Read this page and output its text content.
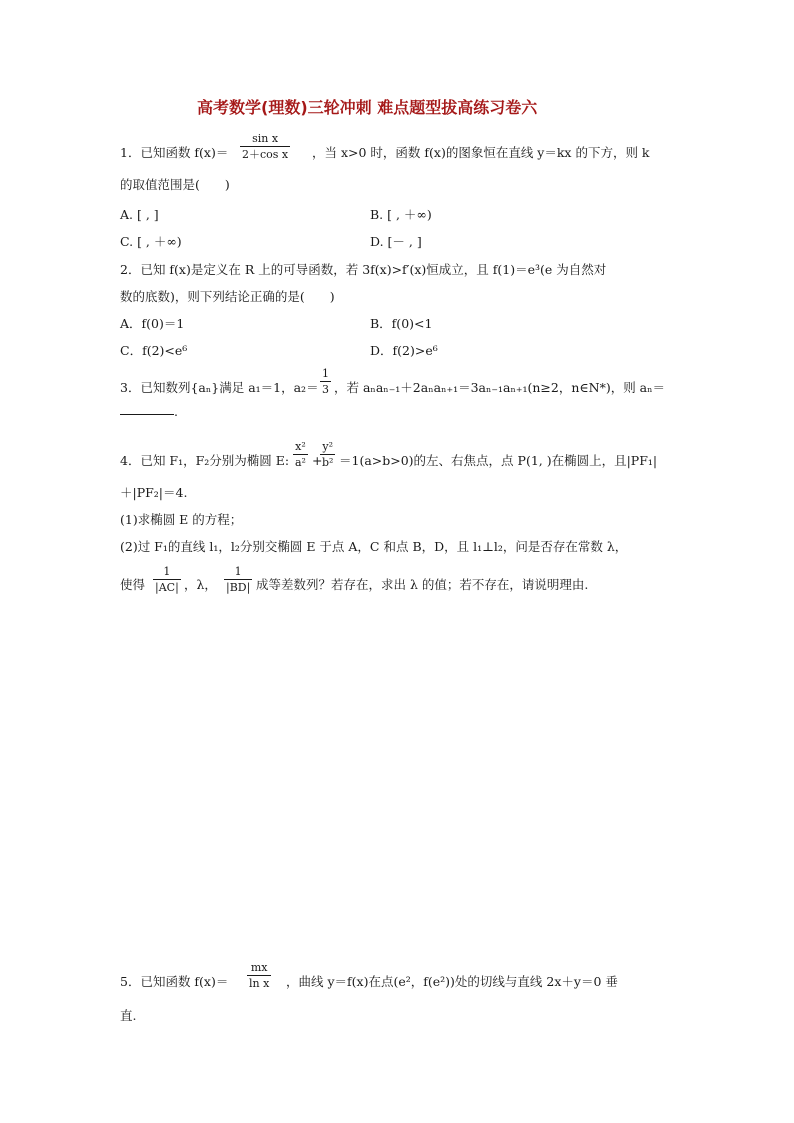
高考数学(理数)三轮冲刺 难点题型拔高练习卷六
1．已知函数 $f(x)= \frac{\text{sin x}}{\text{2＋cos x}}$ ，当 x>0 时，函数 f(x)的图象恒在直线 y＝kx 的下方，则 k
的取值范围是(　　)
A. [ , ]	B. [ , ＋∞)
C. [ , ＋∞)	D. [－ , ]
2．已知 f(x)是定义在 R 上的可导函数，若 3f(x)>f′(x)恒成立，且 f(1)＝e³(e 为自然对
数的底数)，则下列结论正确的是(　　)
A．f(0)＝1	B．f(0)<1
C．f(2)<e⁶	D．f(2)>e⁶
3．已知数列{aₙ}满足 a₁＝1，$a_2= \frac{1}{3}$ ，若 aₙaₙ₋₁＋2aₙaₙ₊₁＝3aₙ₋₁aₙ₊₁(n≥2，n∈N*)，则 aₙ＝
.
4．已知 F₁，F₂分别为椭圆 E: $\frac{\text{x²}}{\text{a²}}$ +
$\frac{\text{y²}}{\text{b²}} =1(a>b>0)$的左、右焦点，点 P(1, )在椭圆上，且|PF₁|
＋|PF₂|＝4.
(1)求椭圆 E 的方程；
(2)过 F₁的直线 l₁，l₂分别交椭圆 E 于点 A，C 和点 B，D，且 l₁⊥l₂，问是否存在常数 λ，
使得 $\frac{1}{|AC|}$ ，λ， $\frac{1}{|BD|}$ 成等差数列？若存在，求出 λ 的值；若不存在，请说明理由.
5．已知函数 $f(x)= \frac{mx}{\text{ln x}}$ ，曲线 y＝f(x)在点(e²，f(e²))处的切线与直线 2x＋y＝0 垂
直.
